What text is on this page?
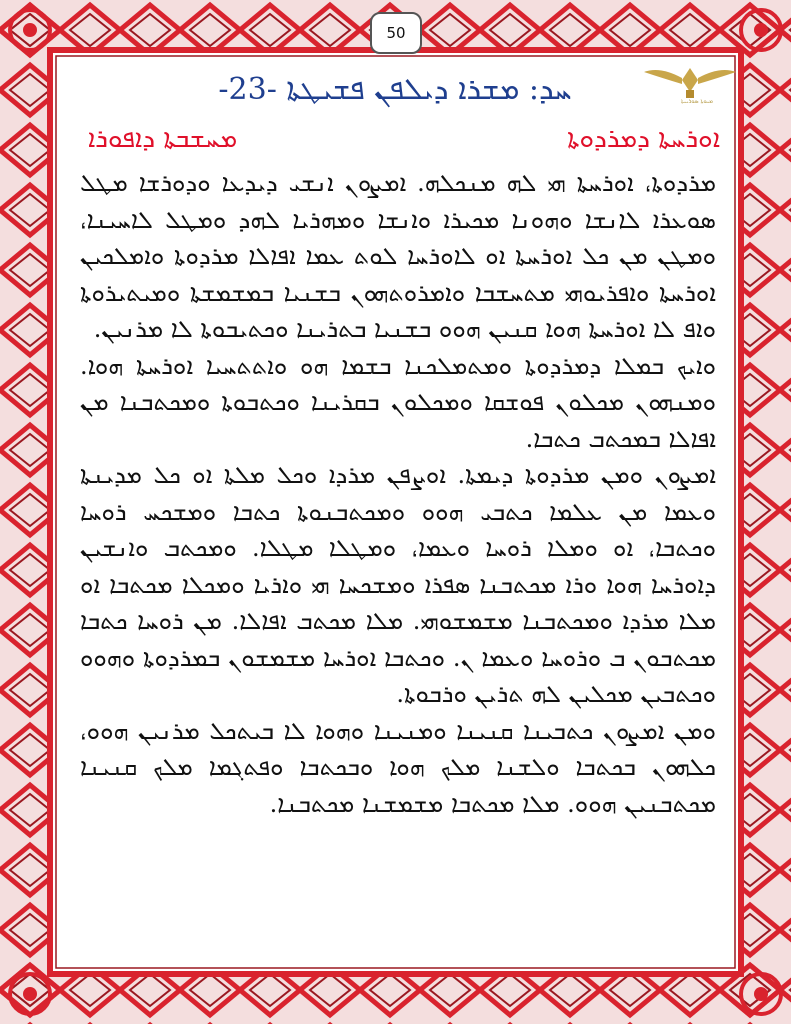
50
ܡܝܘܬܐ ܣܘܪܝܝܬܐ
ܚܕ: ܡܫܪܐ ܕܝܠܦܢ ܦܫܝܛܬܐ -23-
ܡܚܫܒܬܐ ܕܐܦܘܪܐ	ܐܘܪܚܬܐ ܕܡܪܕܘܬܐ

ܡܪܕܘܬܐ، ܐܘܪܚܬܐ ܗܝ ܠܗ ܡܢܟܠܗ. ܐܡܨܘܢ ܐܢܫܝ ܕܝܕܥܐ ܘܕܘܪܫܐ ܡܛܠ ܣܘܥܪܐ ܠܐܢܫܐ ܘܗܘܢܐ ܡܟܝܪܐ ܘܐܢܫܐ ܘܡܗܪܝܐ ܠܗܕ ܘܡܛܠ ܠܐܚܝܢܐ، ܘܡܛܢ ܡܢ ܟܠ ܐܘܪܚܬܐ ܐܘ ܠܐܘܪܚܐ ܠܘܬ ܥܡܐ ܐܦܐܠܐ ܡܪܕܘܬܐ ܘܐܡܠܟܝܢ ܐܘܪܚܬܐ ܘܐܦܪܝܘܗܝ ܡܬܚܫܒܐ ܘܐܡܪܘܬܗܘܢ ܒܫܢܝܐ ܒܡܫܡܫܬܐ ܘܡܝܬܝܪܘܬܐ ܘܐܦ ܠܐ ܐܘܪܚܬܐ ܗܘܐ ܩܢܝܢ ܗܘܘ ܒܫܢܝܐ ܒܬܪܝܢܐ ܘܟܬܝܒܘܬܐ ܠܐ ܡܪܢܝܢ.

ܘܐܝܟ ܒܡܠܐ ܕܡܪܕܘܬܐ ܘܡܬܡܠܟܢܐ ܒܫܡܐ ܗܘ ܘܐܬܬܚܝܐ ܐܘܪܚܬܐ ܗܘܐ. ܘܡܢܗܘܢ ܡܟܠܘܢ ܦܘܫܩܐ ܘܡܟܠܘܢ ܒܩܪܝܢܐ ܘܟܬܒܘܬܐ ܘܡܟܬܒܢܐ ܡܢ ܐܦܐܠܐ ܒܡܟܬܒ ܟܬܒܐ.

ܐܡܨܘܢ ܘܡܢ ܡܪܕܘܬܐ ܕܝܡܬܐ. ܐܘܨܦܢ ܡܪܕܐ ܘܟܠ ܡܠܬܐ ܐܘ ܟܠ ܡܕܝܢܬܐ ܘܥܡܐ ܡܢ ܥܠܡܐ ܟܬܒܝ ܗܘܘ ܘܡܟܬܒܢܘܬܐ ܟܬܒܐ ܘܡܫܟܚ ܪܘܚܐ ܘܟܬܒܐ، ܐܘ ܘܡܠܐ ܪܘܚܐ ܘܥܡܐ، ܘܡܛܠܐ ܡܛܠܐ. ܘܡܟܬܒ ܘܐܢܫܝܢ ܕܐܘܪܚܐ ܗܘܐ ܘܪܐ ܡܟܬܒܢܐ ܣܦܪܐ ܘܡܫܟܚܐ ܗܝ ܘܐܪܝܐ ܘܡܟܠܐ ܡܟܬܒܐ ܐܘ ܡܠܐ ܡܪܕܐ ܘܡܟܬܒܢܐ ܡܫܡܫܘܗܝ. ܡܠܐ ܡܟܬܒ ܐܦܐܠܐ. ܡܢ ܪܘܚܐ ܟܬܒܐ ܡܟܬܒܘܢ ܒ ܘܪܘܚܐ ܘܥܡܐ ܢ. ܘܟܬܒܐ ܐܘܪܚܐ ܡܫܡܫܘܢ ܒܡܪܕܘܬܐ ܘܗܘܘ ܘܟܬܒܝܢ ܡܟܠܝܢ ܠܗ ܬܪܝܢ ܘܪܒܘܬܐ.

ܘܡܢ ܐܡܨܘܢ ܟܬܒܝܢܐ ܩܢܝܢܐ ܘܡܢܝܢܐ ܘܗܘܐ ܠܐ ܒܝܬܟܠ ܡܪܢܝܢ ܗܘܘ، ܟܠܗܘܢ ܒܟܬܒܐ ܘܠܫܢܐ ܡܠܟ ܗܘܐ ܘܒܟܬܒܐ ܘܦܬܓܡܐ ܡܠܟ ܩܢܝܢܐ ܡܟܬܒܢܝܢ ܗܘܘ. ܡܠܐ ܡܟܬܒܐ ܡܫܡܫܢܐ ܡܟܬܒܢܐ.
